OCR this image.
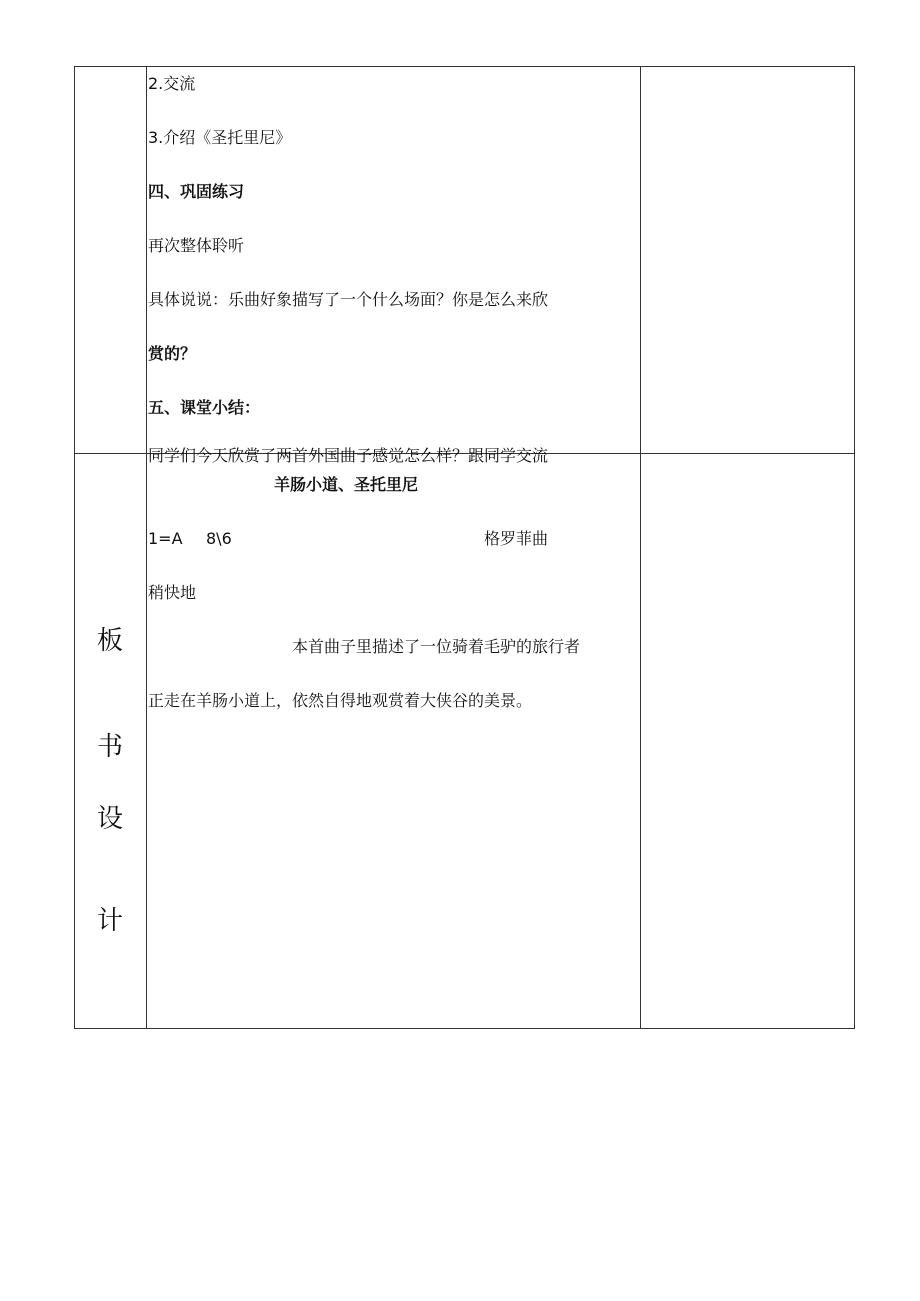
2.交流
3.介绍《圣托里尼》
四、巩固练习
再次整体聆听
具体说说：乐曲好象描写了一个什么场面？你是怎么来欣
赏的？
五、课堂小结：
同学们今天欣赏了两首外国曲子感觉怎么样？跟同学交流
板
书
设
计
羊肠小道、圣托里尼
1=A 8\6	格罗菲曲
稍快地
本首曲子里描述了一位骑着毛驴的旅行者
正走在羊肠小道上，依然自得地观赏着大侠谷的美景。
